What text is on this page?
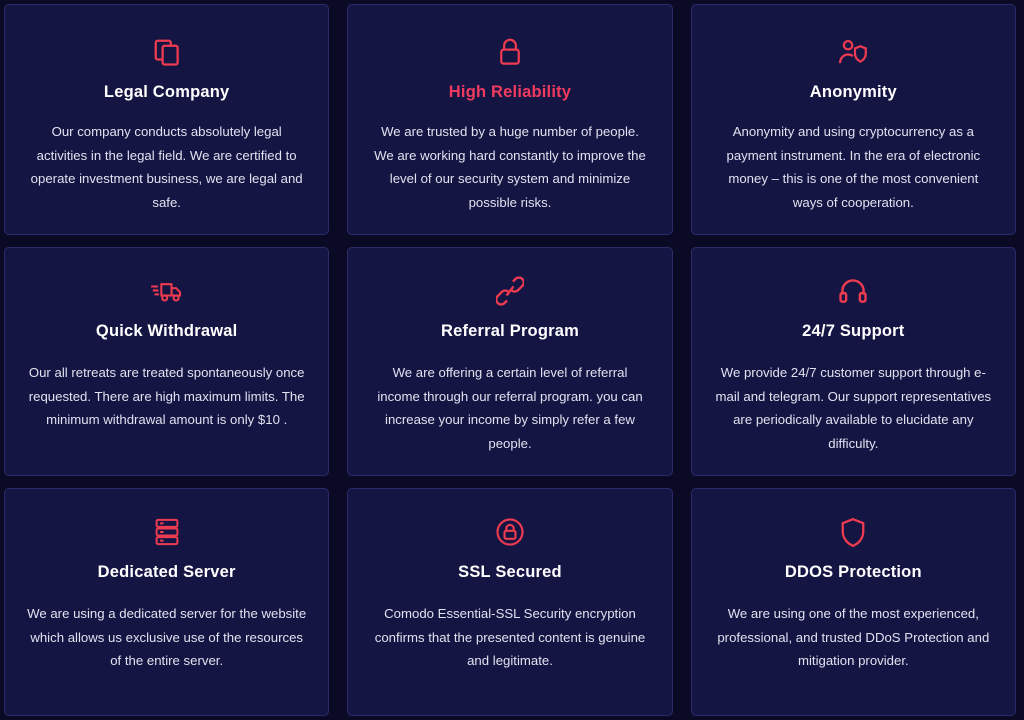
Legal Company
Our company conducts absolutely legal activities in the legal field. We are certified to operate investment business, we are legal and safe.
High Reliability
We are trusted by a huge number of people. We are working hard constantly to improve the level of our security system and minimize possible risks.
Anonymity
Anonymity and using cryptocurrency as a payment instrument. In the era of electronic money – this is one of the most convenient ways of cooperation.
Quick Withdrawal
Our all retreats are treated spontaneously once requested. There are high maximum limits. The minimum withdrawal amount is only $10 .
Referral Program
We are offering a certain level of referral income through our referral program. you can increase your income by simply refer a few people.
24/7 Support
We provide 24/7 customer support through e-mail and telegram. Our support representatives are periodically available to elucidate any difficulty.
Dedicated Server
We are using a dedicated server for the website which allows us exclusive use of the resources of the entire server.
SSL Secured
Comodo Essential-SSL Security encryption confirms that the presented content is genuine and legitimate.
DDOS Protection
We are using one of the most experienced, professional, and trusted DDoS Protection and mitigation provider.
